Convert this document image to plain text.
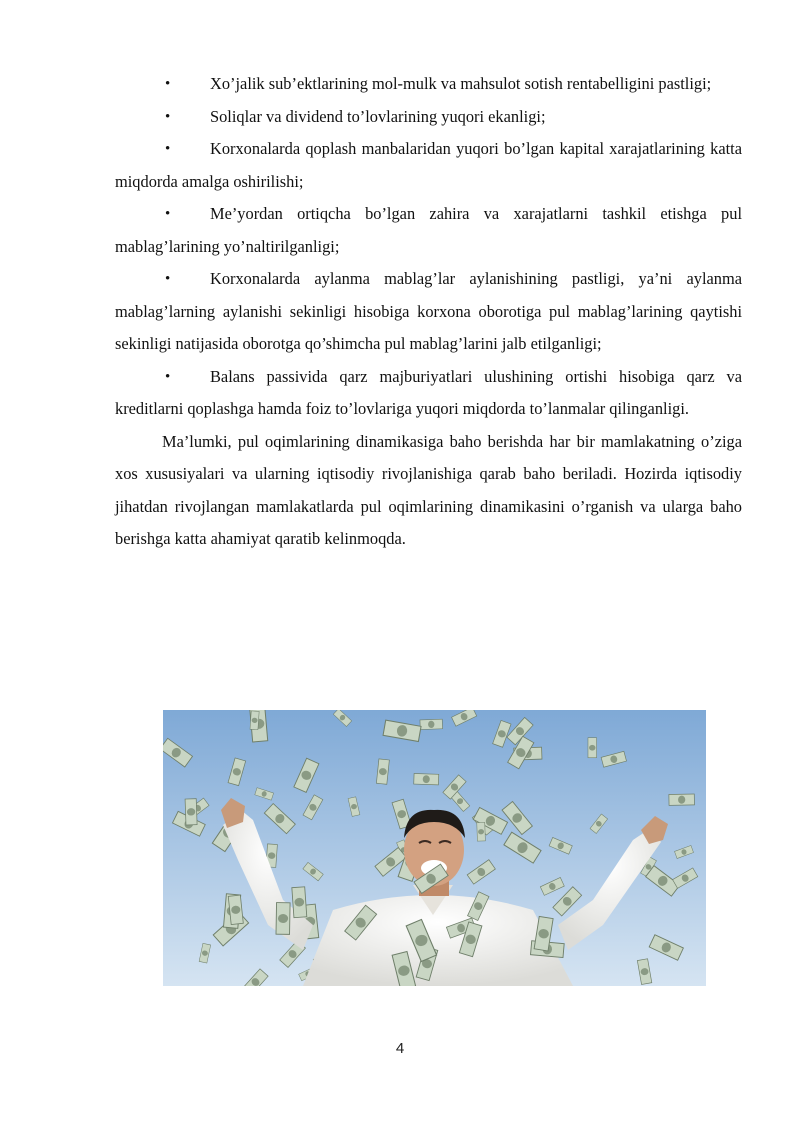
• Xo’jalik sub’ektlarining mol-mulk va mahsulot sotish rentabelligini pastligi;
• Soliqlar va dividend to’lovlarining yuqori ekanligi;
• Korxonalarda qoplash manbalaridan yuqori bo’lgan kapital xarajatlarining katta miqdorda amalga oshirilishi;
• Me’yordan ortiqcha bo’lgan zahira va xarajatlarni tashkil etishga pul mablag’larining yo’naltirilganligi;
• Korxonalarda aylanma mablag’lar aylanishining pastligi, ya’ni aylanma mablag’larning aylanishi sekinligi hisobiga korxona oborotiga pul mablag’larining qaytishi sekinligi natijasida oborotga qo’shimcha pul mablag’larini jalb etilganligi;
• Balans passivida qarz majburiyatlari ulushining ortishi hisobiga qarz va kreditlarni qoplashga hamda foiz to’lovlariga yuqori miqdorda to’lanmalar qilinganligi.
Ma’lumki, pul oqimlarining dinamikasiga baho berishda har bir mamlakatning o’ziga xos xususiyalari va ularning iqtisodiy rivojlanishiga qarab baho beriladi. Hozirda iqtisodiy jihatdan rivojlangan mamlakatlarda pul oqimlarining dinamikasini o’rganish va ularga baho berishga katta ahamiyat qaratib kelinmoqda.
4
